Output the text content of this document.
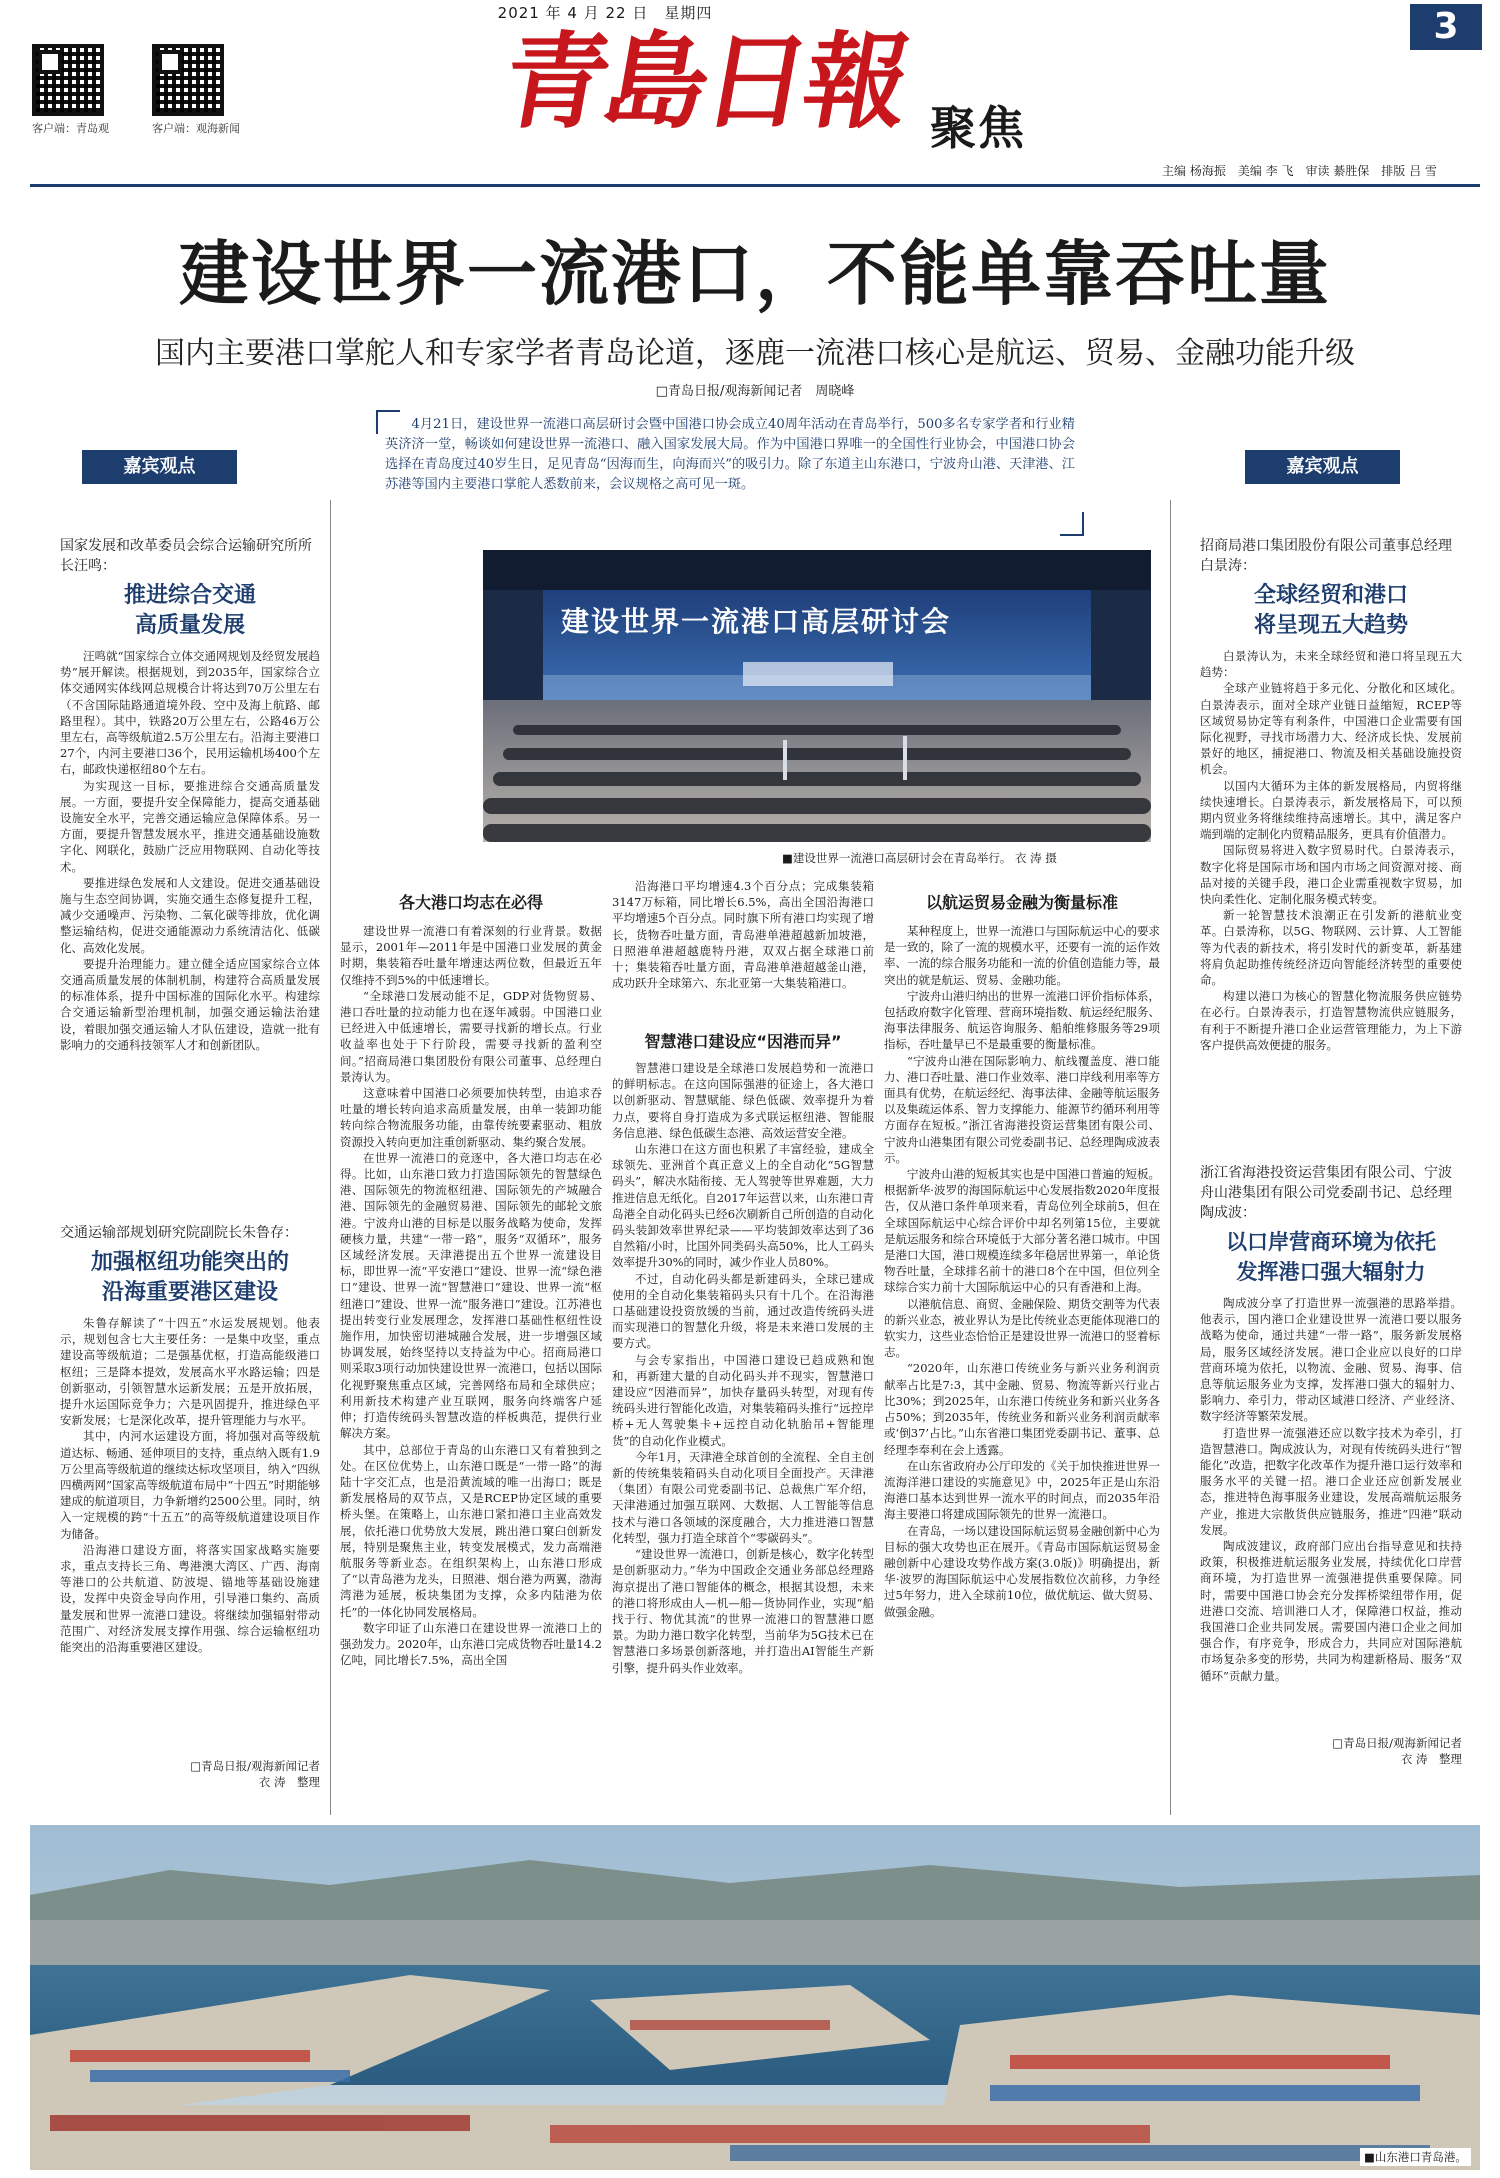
2021 年 4 月 22 日　星期四
客户端：青岛观	客户端：观海新闻 青島日報 聚焦
3
主编 杨海振　美编 李 飞　审读 綦胜保　排版 吕 雪
建设世界一流港口，不能单靠吞吐量
国内主要港口掌舵人和专家学者青岛论道，逐鹿一流港口核心是航运、贸易、金融功能升级
□青岛日报/观海新闻记者　周晓峰
4月21日，建设世界一流港口高层研讨会暨中国港口协会成立40周年活动在青岛举行，500多名专家学者和行业精英济济一堂，畅谈如何建设世界一流港口、融入国家发展大局。作为中国港口界唯一的全国性行业协会，中国港口协会选择在青岛度过40岁生日，足见青岛“因海而生，向海而兴”的吸引力。除了东道主山东港口，宁波舟山港、天津港、江苏港等国内主要港口掌舵人悉数前来，会议规格之高可见一斑。
嘉宾观点	嘉宾观点
国家发展和改革委员会综合运输研究所所长汪鸣：
推进综合交通
高质量发展

汪鸣就“国家综合立体交通网规划及经贸发展趋势”展开解读。根据规划，到2035年，国家综合立体交通网实体线网总规模合计将达到70万公里左右（不含国际陆路通道境外段、空中及海上航路、邮路里程）。其中，铁路20万公里左右，公路46万公里左右，高等级航道2.5万公里左右。沿海主要港口27个，内河主要港口36个，民用运输机场400个左右，邮政快递枢纽80个左右。

为实现这一目标，要推进综合交通高质量发展。一方面，要提升安全保障能力，提高交通基础设施安全水平，完善交通运输应急保障体系。另一方面，要提升智慧发展水平，推进交通基础设施数字化、网联化，鼓励广泛应用物联网、自动化等技术。

要推进绿色发展和人文建设。促进交通基础设施与生态空间协调，实施交通生态修复提升工程，减少交通噪声、污染物、二氧化碳等排放，优化调整运输结构，促进交通能源动力系统清洁化、低碳化、高效化发展。

要提升治理能力。建立健全适应国家综合立体交通高质量发展的体制机制，构建符合高质量发展的标准体系，提升中国标准的国际化水平。构建综合交通运输新型治理机制，加强交通运输法治建设，着眼加强交通运输人才队伍建设，造就一批有影响力的交通科技领军人才和创新团队。

交通运输部规划研究院副院长朱鲁存：
加强枢纽功能突出的
沿海重要港区建设

朱鲁存解读了“十四五”水运发展规划。他表示，规划包含七大主要任务：一是集中攻坚，重点建设高等级航道；二是强基优枢，打造高能级港口枢纽；三是降本提效，发展高水平水路运输；四是创新驱动，引领智慧水运新发展；五是开放拓展，提升水运国际竞争力；六是巩固提升，推进绿色平安新发展；七是深化改革，提升管理能力与水平。

其中，内河水运建设方面，将加强对高等级航道达标、畅通、延伸项目的支持，重点纳入既有1.9万公里高等级航道的继续达标攻坚项目，纳入“四纵四横两网”国家高等级航道布局中“十四五”时期能够建成的航道项目，力争新增约2500公里。同时，纳入一定规模的跨“十五五”的高等级航道建设项目作为储备。

沿海港口建设方面，将落实国家战略实施要求，重点支持长三角、粤港澳大湾区、广西、海南等港口的公共航道、防波堤、锚地等基础设施建设，发挥中央资金导向作用，引导港口集约、高质量发展和世界一流港口建设。将继续加强辐射带动范围广、对经济发展支撑作用强、综合运输枢纽功能突出的沿海重要港区建设。

□青岛日报/观海新闻记者
衣 涛　整理
建设世界一流港口高层研讨会
■建设世界一流港口高层研讨会在青岛举行。 衣 涛 摄
各大港口均志在必得

建设世界一流港口有着深刻的行业背景。数据显示，2001年—2011年是中国港口业发展的黄金时期，集装箱吞吐量年增速达两位数，但最近五年仅维持不到5%的中低速增长。

“全球港口发展动能不足，GDP对货物贸易、港口吞吐量的拉动能力也在逐年减弱。中国港口业已经进入中低速增长，需要寻找新的增长点。行业收益率也处于下行阶段，需要寻找新的盈利空间。”招商局港口集团股份有限公司董事、总经理白景涛认为。

这意味着中国港口必须要加快转型，由追求吞吐量的增长转向追求高质量发展，由单一装卸功能转向综合物流服务功能，由靠传统要素驱动、粗放资源投入转向更加注重创新驱动、集约聚合发展。

在世界一流港口的竞逐中，各大港口均志在必得。比如，山东港口致力打造国际领先的智慧绿色港、国际领先的物流枢纽港、国际领先的产城融合港、国际领先的金融贸易港、国际领先的邮轮文旅港。宁波舟山港的目标是以服务战略为使命，发挥硬核力量，共建“一带一路”，服务“双循环”，服务区域经济发展。天津港提出五个世界一流建设目标，即世界一流“平安港口”建设、世界一流“绿色港口”建设、世界一流“智慧港口”建设、世界一流“枢纽港口”建设、世界一流“服务港口”建设。江苏港也提出转变行业发展理念，发挥港口基础性枢纽性设施作用，加快密切港城融合发展，进一步增强区域协调发展，始终坚持以支持益为中心。招商局港口则采取3项行动加快建设世界一流港口，包括以国际化视野聚焦重点区域，完善网络布局和全球供应；利用新技术构建产业互联网，服务向终端客户延伸；打造传统码头智慧改造的样板典范，提供行业解决方案。

其中，总部位于青岛的山东港口又有着独到之处。在区位优势上，山东港口既是“一带一路”的海陆十字交汇点，也是沿黄流域的唯一出海口；既是新发展格局的双节点，又是RCEP协定区域的重要桥头堡。在策略上，山东港口紧扣港口主业高效发展，依托港口优势放大发展，跳出港口窠臼创新发展，特别是聚焦主业，转变发展模式，发力高端港航服务等新业态。在组织架构上，山东港口形成了“以青岛港为龙头，日照港、烟台港为两翼，渤海湾港为延展，板块集团为支撑，众多内陆港为依托”的一体化协同发展格局。

数字印证了山东港口在建设世界一流港口上的强劲发力。2020年，山东港口完成货物吞吐量14.2亿吨，同比增长7.5%，高出全国

沿海港口平均增速4.3个百分点；完成集装箱3147万标箱，同比增长6.5%，高出全国沿海港口平均增速5个百分点。同时旗下所有港口均实现了增长，货物吞吐量方面，青岛港单港超越新加坡港，日照港单港超越鹿特丹港，双双占据全球港口前十；集装箱吞吐量方面，青岛港单港超越釜山港，成功跃升全球第六、东北亚第一大集装箱港口。

智慧港口建设应“因港而异”

智慧港口建设是全球港口发展趋势和一流港口的鲜明标志。在这向国际强港的征途上，各大港口以创新驱动、智慧赋能、绿色低碳、效率提升为着力点，要将自身打造成为多式联运枢纽港、智能服务信息港、绿色低碳生态港、高效运营安全港。

山东港口在这方面也积累了丰富经验，建成全球领先、亚洲首个真正意义上的全自动化“5G智慧码头”，解决水陆衔接、无人驾驶等世界难题，大力推进信息无纸化。自2017年运营以来，山东港口青岛港全自动化码头已经6次刷新自己所创造的自动化码头装卸效率世界纪录——平均装卸效率达到了36自然箱/小时，比国外同类码头高50%，比人工码头效率提升30%的同时，减少作业人员80%。

不过，自动化码头都是新建码头，全球已建成使用的全自动化集装箱码头只有十几个。在沿海港口基础建设投资放缓的当前，通过改造传统码头进而实现港口的智慧化升级，将是未来港口发展的主要方式。

与会专家指出，中国港口建设已趋成熟和饱和，再新建大量的自动化码头并不现实，智慧港口建设应“因港而异”，加快存量码头转型，对现有传统码头进行智能化改造，对集装箱码头推行“远控岸桥+无人驾驶集卡+远控自动化轨胎吊+智能理货”的自动化作业模式。

今年1月，天津港全球首创的全流程、全自主创新的传统集装箱码头自动化项目全面投产。天津港（集团）有限公司党委副书记、总裁焦广军介绍，天津港通过加强互联网、大数据、人工智能等信息技术与港口各领域的深度融合，大力推进港口智慧化转型，强力打造全球首个“零碳码头”。

“建设世界一流港口，创新是核心，数字化转型是创新驱动力。”华为中国政企交通业务部总经理路海京提出了港口智能体的概念，根据其设想，未来的港口将形成由人—机—船—货协同作业，实现“船找于行、物优其流”的世界一流港口的智慧港口愿景。为助力港口数字化转型，当前华为5G技术已在智慧港口多场景创新落地，并打造出AI智能生产新引擎，提升码头作业效率。

以航运贸易金融为衡量标准

某种程度上，世界一流港口与国际航运中心的要求是一致的，除了一流的规模水平，还要有一流的运作效率、一流的综合服务功能和一流的价值创造能力等，最突出的就是航运、贸易、金融功能。

宁波舟山港归纳出的世界一流港口评价指标体系，包括政府数字化管理、营商环境指数、航运经纪服务、海事法律服务、航运咨询服务、船舶维修服务等29项指标，吞吐量早已不是最重要的衡量标准。

“宁波舟山港在国际影响力、航线覆盖度、港口能力、港口吞吐量、港口作业效率、港口岸线利用率等方面具有优势，在航运经纪、海事法律、金融等航运服务以及集疏运体系、智力支撑能力、能源节约循环利用等方面存在短板。”浙江省海港投资运营集团有限公司、宁波舟山港集团有限公司党委副书记、总经理陶成波表示。

宁波舟山港的短板其实也是中国港口普遍的短板。根据新华·波罗的海国际航运中心发展指数2020年度报告，仅从港口条件单项来看，青岛位列全球前5，但在全球国际航运中心综合评价中却名列第15位，主要就是航运服务和综合环境低于大部分著名港口城市。中国是港口大国，港口规模连续多年稳居世界第一，单论货物吞吐量，全球排名前十的港口8个在中国，但位列全球综合实力前十大国际航运中心的只有香港和上海。

以港航信息、商贸、金融保险、期货交割等为代表的新兴业态，被业界认为是比传统业态更能体现港口的软实力，这些业态恰恰正是建设世界一流港口的竖着标志。

“2020年，山东港口传统业务与新兴业务利润贡献率占比是7:3，其中金融、贸易、物流等新兴行业占比30%；到2025年，山东港口传统业务和新兴业务各占50%；到2035年，传统业务和新兴业务利润贡献率或‘倒37’占比。”山东省港口集团党委副书记、董事、总经理李奉利在会上透露。

在山东省政府办公厅印发的《关于加快推进世界一流海洋港口建设的实施意见》中，2025年正是山东沿海港口基本达到世界一流水平的时间点，而2035年沿海主要港口将建成国际领先的世界一流港口。

在青岛，一场以建设国际航运贸易金融创新中心为目标的强大攻势也正在展开。《青岛市国际航运贸易金融创新中心建设攻势作战方案(3.0版)》明确提出，新华·波罗的海国际航运中心发展指数位次前移，力争经过5年努力，进入全球前10位，做优航运、做大贸易、做强金融。

招商局港口集团股份有限公司董事总经理白景涛：
全球经贸和港口
将呈现五大趋势

白景涛认为，未来全球经贸和港口将呈现五大趋势：

全球产业链将趋于多元化、分散化和区域化。白景涛表示，面对全球产业链日益缩短，RCEP等区域贸易协定等有利条件，中国港口企业需要有国际化视野，寻找市场潜力大、经济成长快、发展前景好的地区，捕捉港口、物流及相关基础设施投资机会。

以国内大循环为主体的新发展格局，内贸将继续快速增长。白景涛表示，新发展格局下，可以预期内贸业务将继续维持高速增长。其中，满足客户端到端的定制化内贸精品服务，更具有价值潜力。

国际贸易将进入数字贸易时代。白景涛表示，数字化将是国际市场和国内市场之间资源对接、商品对接的关键手段，港口企业需重视数字贸易，加快向柔性化、定制化服务模式转变。

新一轮智慧技术浪潮正在引发新的港航业变革。白景涛称，以5G、物联网、云计算、人工智能等为代表的新技术，将引发时代的新变革，新基建将肩负起助推传统经济迈向智能经济转型的重要使命。

构建以港口为核心的智慧化物流服务供应链势在必行。白景涛表示，打造智慧物流供应链服务，有利于不断提升港口企业运营管理能力，为上下游客户提供高效便捷的服务。

浙江省海港投资运营集团有限公司、宁波舟山港集团有限公司党委副书记、总经理陶成波：
以口岸营商环境为依托
发挥港口强大辐射力

陶成波分享了打造世界一流强港的思路举措。他表示，国内港口企业建设世界一流港口要以服务战略为使命，通过共建“一带一路”，服务新发展格局，服务区域经济发展。港口企业应以良好的口岸营商环境为依托，以物流、金融、贸易、海事、信息等航运服务业为支撑，发挥港口强大的辐射力、影响力、牵引力，带动区域港口经济、产业经济、数字经济等繁荣发展。

打造世界一流强港还应以数字技术为牵引，打造智慧港口。陶成波认为，对现有传统码头进行“智能化”改造，把数字化改革作为提升港口运行效率和服务水平的关键一招。港口企业还应创新发展业态，推进特色海事服务业建设，发展高端航运服务产业，推进大宗散货供应链服务，推进“四港”联动发展。

陶成波建议，政府部门应出台指导意见和扶持政策，积极推进航运服务业发展，持续优化口岸营商环境，为打造世界一流强港提供重要保障。同时，需要中国港口协会充分发挥桥梁纽带作用，促进港口交流、培训港口人才，保障港口权益，推动我国港口企业共同发展。需要国内港口企业之间加强合作，有序竞争，形成合力，共同应对国际港航市场复杂多变的形势，共同为构建新格局、服务“双循环”贡献力量。

□青岛日报/观海新闻记者
衣 涛　整理
■山东港口青岛港。
